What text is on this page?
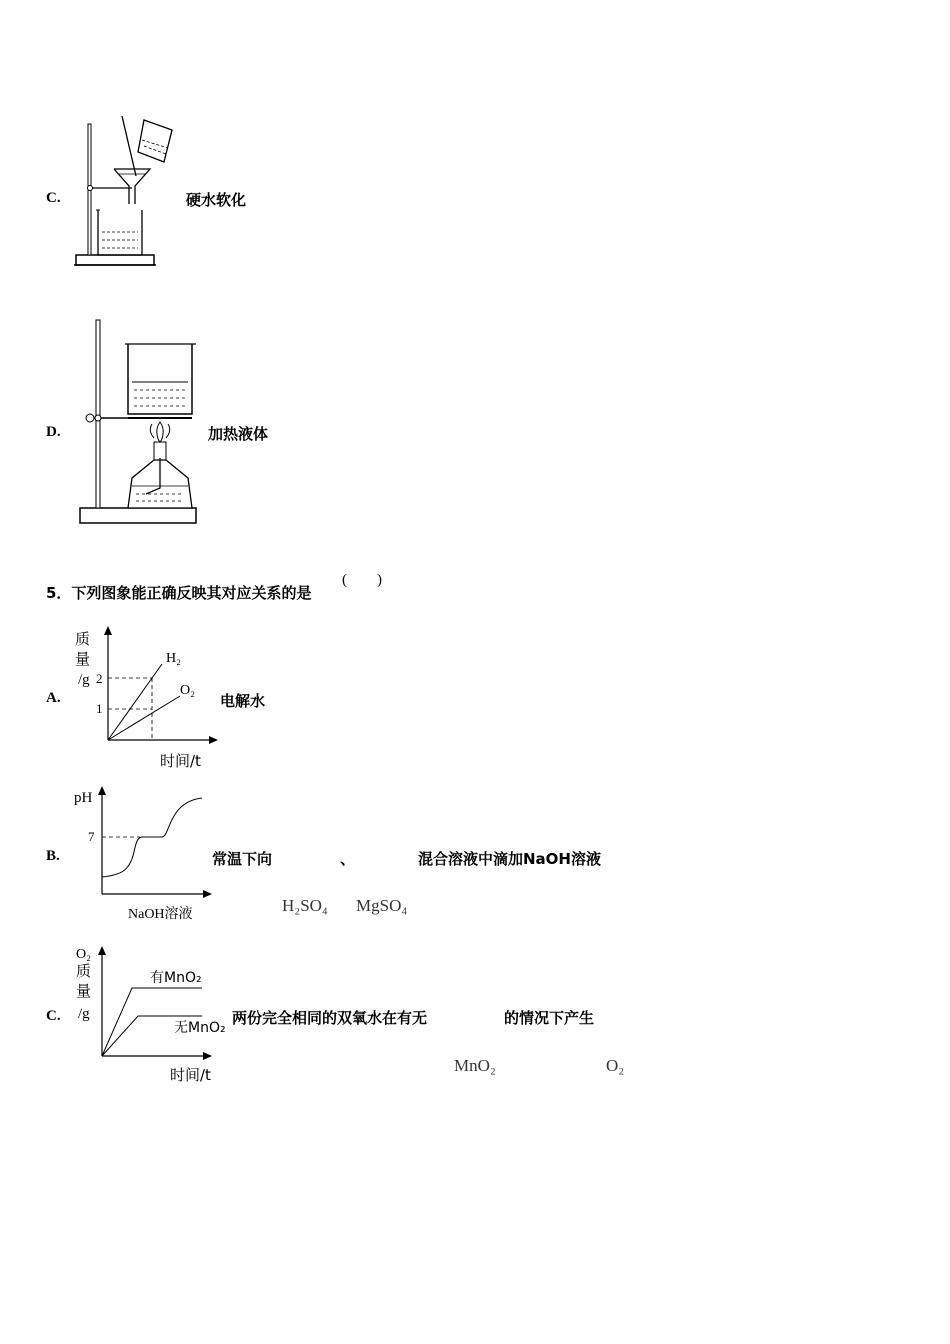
C.	硬水软化
D.	加热液体
(　　)
5．下列图象能正确反映其对应关系的是
A.
质
量
/g 2
1
H₂
O₂
时间/t
电解水
B.
pH
7
NaOH溶液
常温下向	、	混合溶液中滴加NaOH溶液
H₂SO₄ MgSO₄
C.
O₂
质
量
/g
有MnO₂
无MnO₂
时间/t
两份完全相同的双氧水在有无	的情况下产生
MnO₂	O₂
